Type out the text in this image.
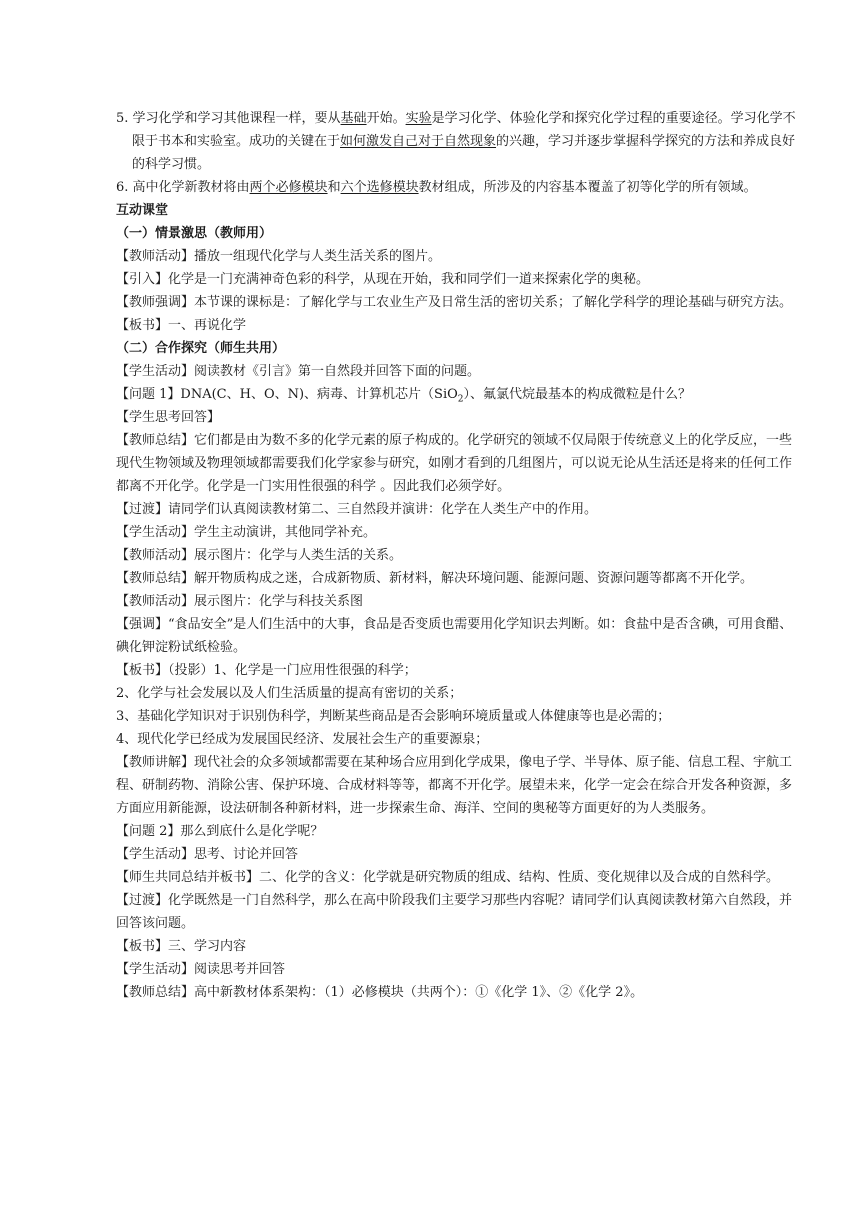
5. 学习化学和学习其他课程一样，要从基础开始。实验是学习化学、体验化学和探究化学过程的重要途径。学习化学不限于书本和实验室。成功的关键在于如何激发自己对于自然现象的兴趣，学习并逐步掌握科学探究的方法和养成良好的科学习惯。

6. 高中化学新教材将由两个必修模块和六个选修模块教材组成，所涉及的内容基本覆盖了初等化学的所有领域。

互动课堂

（一）情景激思（教师用）

【教师活动】播放一组现代化学与人类生活关系的图片。

【引入】化学是一门充满神奇色彩的科学，从现在开始，我和同学们一道来探索化学的奥秘。

【教师强调】本节课的课标是：了解化学与工农业生产及日常生活的密切关系；了解化学科学的理论基础与研究方法。

【板书】一、再说化学

（二）合作探究（师生共用）

【学生活动】阅读教材《引言》第一自然段并回答下面的问题。

【问题 1】DNA(C、H、O、N)、病毒、计算机芯片（SiO$_2$）、氟氯代烷最基本的构成微粒是什么？

【学生思考回答】

【教师总结】它们都是由为数不多的化学元素的原子构成的。化学研究的领域不仅局限于传统意义上的化学反应，一些现代生物领域及物理领域都需要我们化学家参与研究，如刚才看到的几组图片，可以说无论从生活还是将来的任何工作都离不开化学。化学是一门实用性很强的科学 。因此我们必须学好。

【过渡】请同学们认真阅读教材第二、三自然段并演讲：化学在人类生产中的作用。

【学生活动】学生主动演讲，其他同学补充。

【教师活动】展示图片：化学与人类生活的关系。

【教师总结】解开物质构成之迷，合成新物质、新材料，解决环境问题、能源问题、资源问题等都离不开化学。

【教师活动】展示图片：化学与科技关系图

【强调】“食品安全”是人们生活中的大事，食品是否变质也需要用化学知识去判断。如：食盐中是否含碘，可用食醋、碘化钾淀粉试纸检验。

【板书】（投影）1、化学是一门应用性很强的科学；

2、化学与社会发展以及人们生活质量的提高有密切的关系；

3、基础化学知识对于识别伪科学，判断某些商品是否会影响环境质量或人体健康等也是必需的；

4、现代化学已经成为发展国民经济、发展社会生产的重要源泉；

【教师讲解】现代社会的众多领域都需要在某种场合应用到化学成果，像电子学、半导体、原子能、信息工程、宇航工程、研制药物、消除公害、保护环境、合成材料等等，都离不开化学。展望未来，化学一定会在综合开发各种资源，多方面应用新能源，设法研制各种新材料，进一步探索生命、海洋、空间的奥秘等方面更好的为人类服务。

【问题 2】那么到底什么是化学呢？

【学生活动】思考、讨论并回答

【师生共同总结并板书】二、化学的含义：化学就是研究物质的组成、结构、性质、变化规律以及合成的自然科学。

【过渡】化学既然是一门自然科学，那么在高中阶段我们主要学习那些内容呢？请同学们认真阅读教材第六自然段，并回答该问题。

【板书】三、学习内容

【学生活动】阅读思考并回答

【教师总结】高中新教材体系架构：（1）必修模块（共两个）：①《化学 1》、②《化学 2》。
